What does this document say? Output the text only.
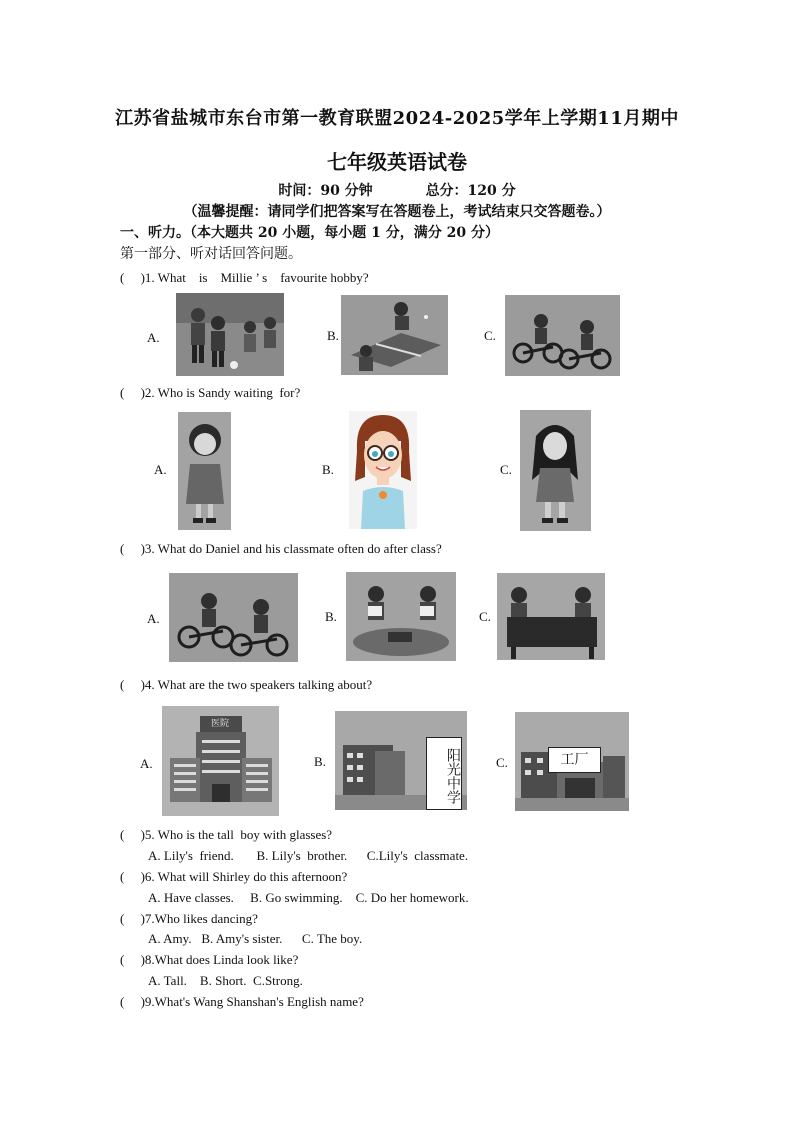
江苏省盐城市东台市第一教育联盟2024-2025学年上学期11月期中
七年级英语试卷
时间：90 分钟	总分：120 分
（温馨提醒：请同学们把答案写在答题卷上，考试结束只交答题卷。）
一、听力。（本大题共 20 小题，每小题 1 分，满分 20 分）
第一部分、听对话回答问题。
(     )1. What    is    Millie ’ s    favourite hobby?
A.	B.	C.
(     )2. Who is Sandy waiting  for?
A.	B.	C.
(     )3. What do Daniel and his classmate often do after class?
A.	B.	C.
(     )4. What are the two speakers talking about?
A.
医院
B.	阳光中学	C.	工厂
(     )5. Who is the tall  boy with glasses?
A. Lily's  friend.       B. Lily's  brother.      C.Lily's  classmate.
(     )6. What will Shirley do this afternoon?
A. Have classes.     B. Go swimming.    C. Do her homework.
(     )7.Who likes dancing?
A. Amy.   B. Amy's sister.      C. The boy.
(     )8.What does Linda look like?
A. Tall.    B. Short.  C.Strong.
(     )9.What's Wang Shanshan's English name?
